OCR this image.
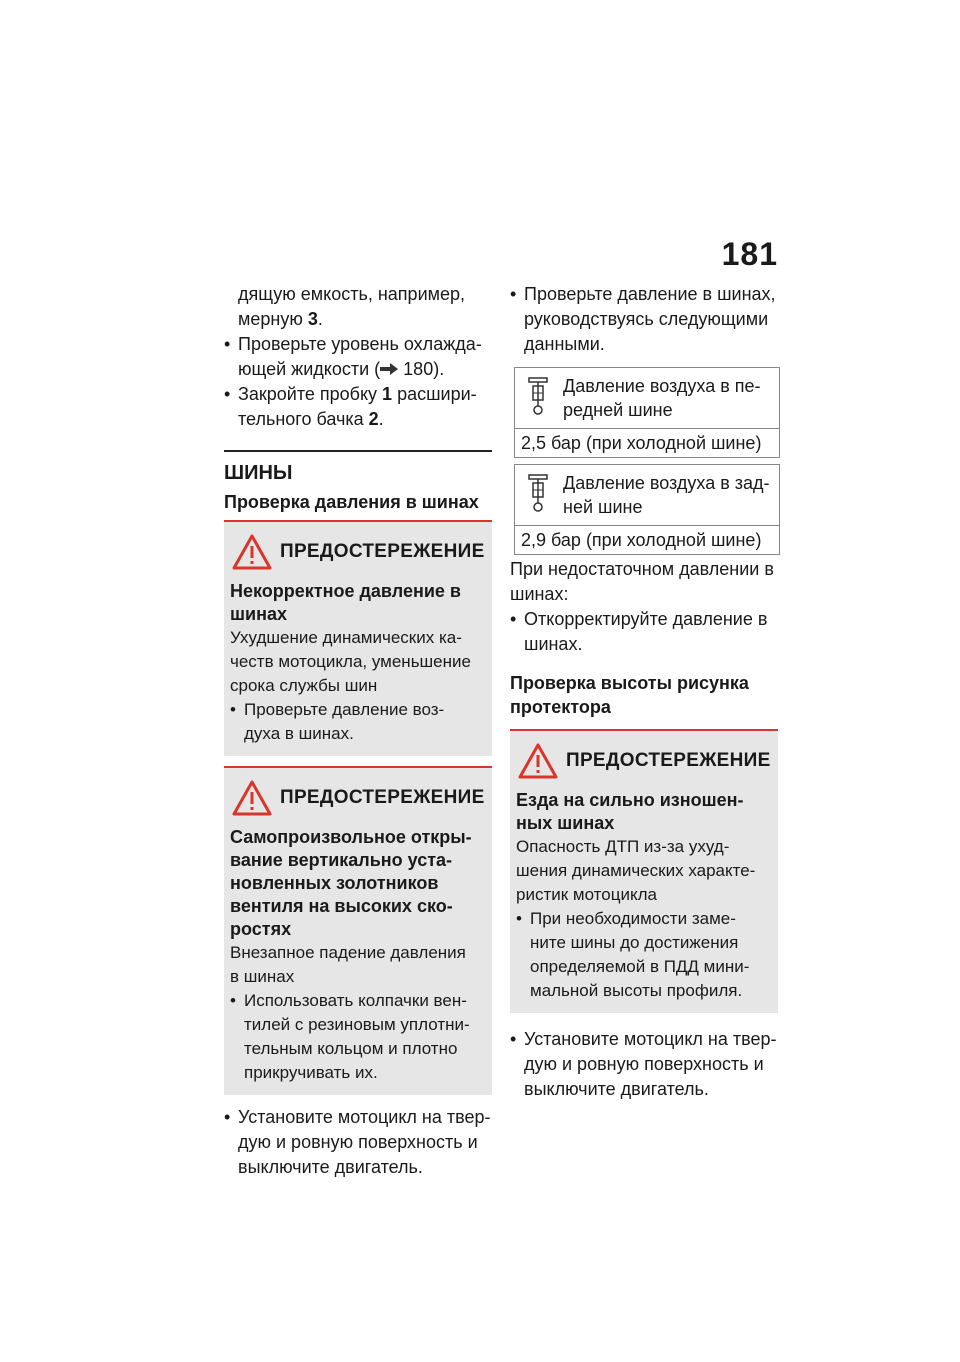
181
дящую емкость, например,
мерную 3.
• Проверьте уровень охлажда-
ющей жидкости ( 180).
• Закройте пробку 1 расшири-
тельного бачка 2.
ШИНЫ
Проверка давления в шинах
ПРЕДОСТЕРЕЖЕНИЕ
Некорректное давление в
шинах
Ухудшение динамических ка-
честв мотоцикла, уменьшение
срока службы шин
• Проверьте давление воз-
духа в шинах.
ПРЕДОСТЕРЕЖЕНИЕ
Самопроизвольное откры-
вание вертикально уста-
новленных золотников
вентиля на высоких ско-
ростях
Внезапное падение давления
в шинах
• Использовать колпачки вен-
тилей с резиновым уплотни-
тельным кольцом и плотно
прикручивать их.
• Установите мотоцикл на твер-
дую и ровную поверхность и
выключите двигатель.
• Проверьте давление в шинах,
руководствуясь следующими
данными.
Давление воздуха в пе-
редней шине
2,5 бар (при холодной шине)
Давление воздуха в зад-
ней шине
2,9 бар (при холодной шине)
При недостаточном давлении в
шинах:
• Откорректируйте давление в
шинах.
Проверка высоты рисунка
протектора
ПРЕДОСТЕРЕЖЕНИЕ
Езда на сильно изношен-
ных шинах
Опасность ДТП из-за ухуд-
шения динамических характе-
ристик мотоцикла
• При необходимости заме-
ните шины до достижения
определяемой в ПДД мини-
мальной высоты профиля.
• Установите мотоцикл на твер-
дую и ровную поверхность и
выключите двигатель.
